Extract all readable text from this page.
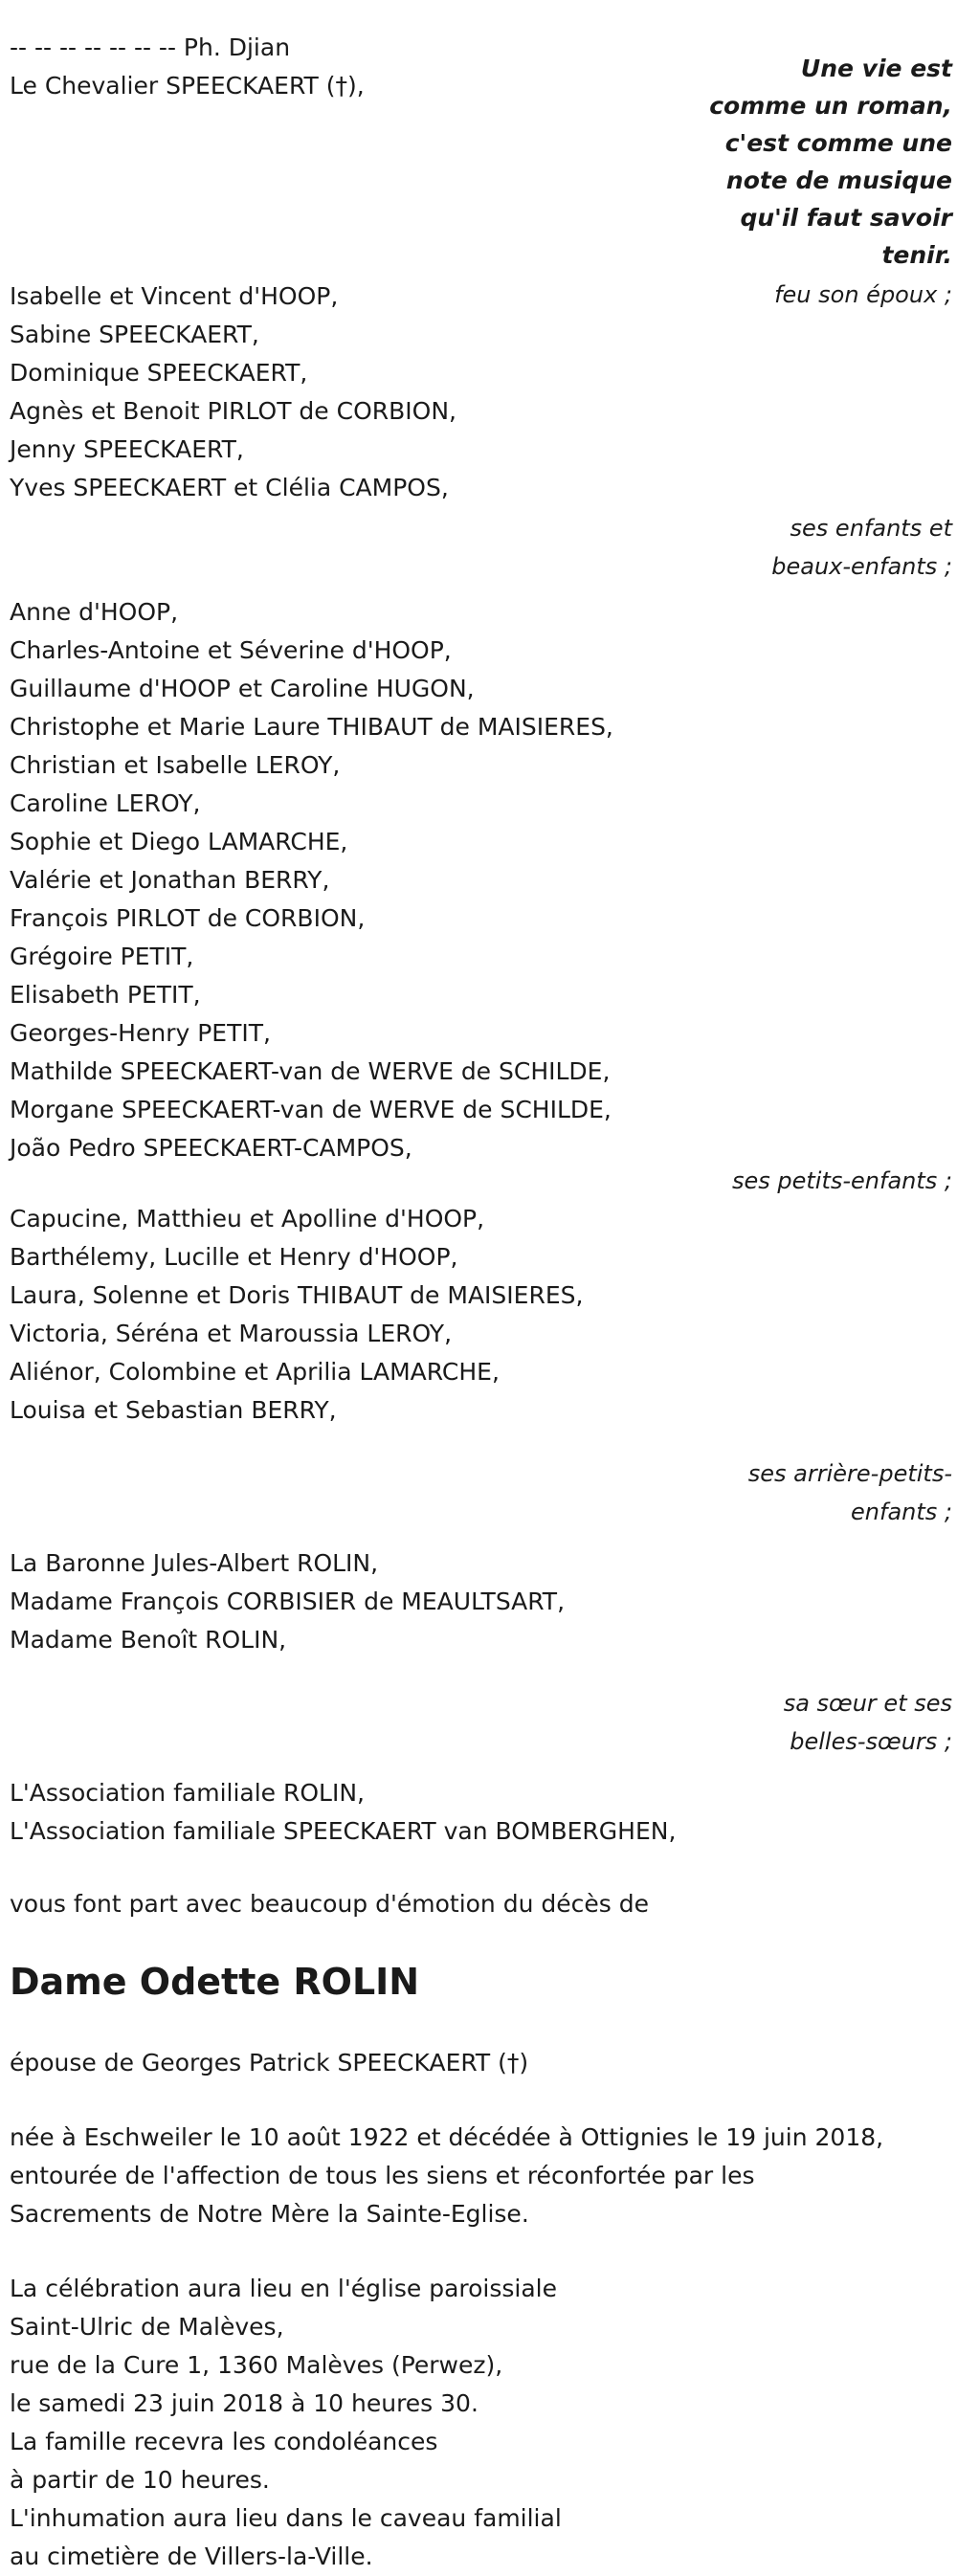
Une vie est
comme un roman,
c'est comme une
note de musique
qu'il faut savoir
tenir.
feu son époux ;
-- -- -- -- -- -- -- Ph. Djian
Le Chevalier SPEECKAERT (†),
Isabelle et Vincent d'HOOP,
Sabine SPEECKAERT,
Dominique SPEECKAERT,
Agnès et Benoit PIRLOT de CORBION,
Jenny SPEECKAERT,
Yves SPEECKAERT et Clélia CAMPOS,
ses enfants et
beaux-enfants ;
Anne d'HOOP,
Charles-Antoine et Séverine d'HOOP,
Guillaume d'HOOP et Caroline HUGON,
Christophe et Marie Laure THIBAUT de MAISIERES,
Christian et Isabelle LEROY,
Caroline LEROY,
Sophie et Diego LAMARCHE,
Valérie et Jonathan BERRY,
François PIRLOT de CORBION,
Grégoire PETIT,
Elisabeth PETIT,
Georges-Henry PETIT,
Mathilde SPEECKAERT-van de WERVE de SCHILDE,
Morgane SPEECKAERT-van de WERVE de SCHILDE,
João Pedro SPEECKAERT-CAMPOS,
ses petits-enfants ;
Capucine, Matthieu et Apolline d'HOOP,
Barthélemy, Lucille et Henry d'HOOP,
Laura, Solenne et Doris THIBAUT de MAISIERES,
Victoria, Séréna et Maroussia LEROY,
Aliénor, Colombine et Aprilia LAMARCHE,
Louisa et Sebastian BERRY,
ses arrière-petits-
enfants ;
La Baronne Jules-Albert ROLIN,
Madame François CORBISIER de MEAULTSART,
Madame Benoît ROLIN,
sa sœur et ses
belles-sœurs ;
L'Association familiale ROLIN,
L'Association familiale SPEECKAERT van BOMBERGHEN,
vous font part avec beaucoup d'émotion du décès de
Dame Odette ROLIN
épouse de Georges Patrick SPEECKAERT (†)
née à Eschweiler le 10 août 1922 et décédée à Ottignies le 19 juin 2018,
entourée de l'affection de tous les siens et réconfortée par les
Sacrements de Notre Mère la Sainte-Eglise.
La célébration aura lieu en l'église paroissiale
Saint-Ulric de Malèves,
rue de la Cure 1, 1360 Malèves (Perwez),
le samedi 23 juin 2018 à 10 heures 30.
La famille recevra les condoléances
à partir de 10 heures.
L'inhumation aura lieu dans le caveau familial
au cimetière de Villers-la-Ville.
